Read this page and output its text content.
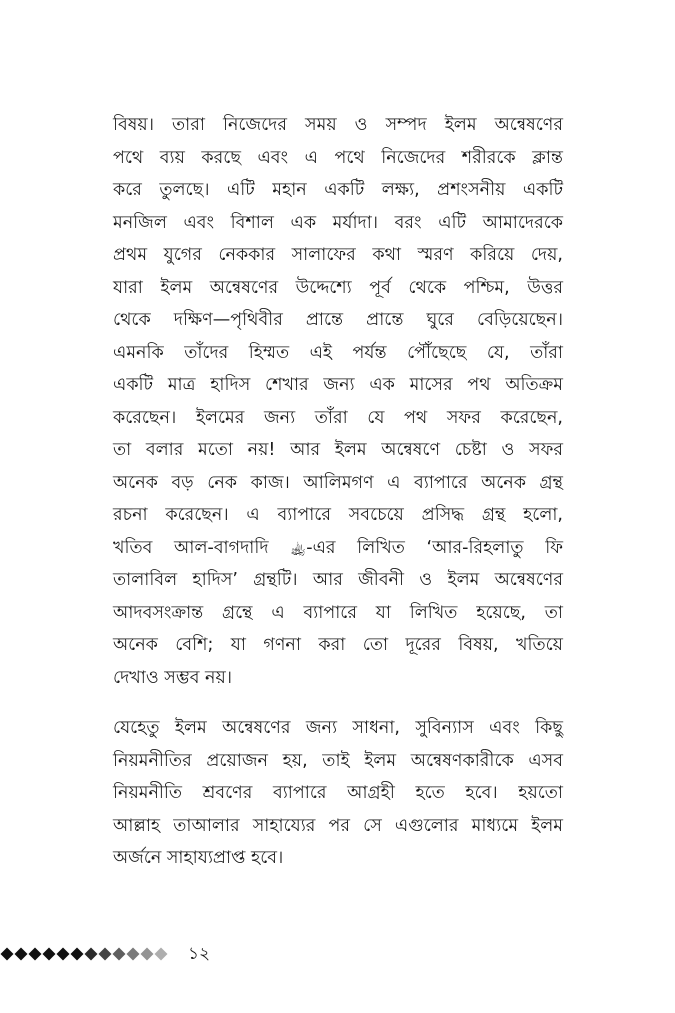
বিষয়। তারা নিজেদের সময় ও সম্পদ ইলম অন্বেষণের
পথে ব্যয় করছে এবং এ পথে নিজেদের শরীরকে ক্লান্ত
করে তুলছে। এটি মহান একটি লক্ষ্য, প্রশংসনীয় একটি
মনজিল এবং বিশাল এক মর্যাদা। বরং এটি আমাদেরকে
প্রথম যুগের নেককার সালাফের কথা স্মরণ করিয়ে দেয়,
যারা ইলম অন্বেষণের উদ্দেশ্যে পূর্ব থেকে পশ্চিম, উত্তর
থেকে দক্ষিণ—পৃথিবীর প্রান্তে প্রান্তে ঘুরে বেড়িয়েছেন।
এমনকি তাঁদের হিম্মত এই পর্যন্ত পৌঁছেছে যে, তাঁরা
একটি মাত্র হাদিস শেখার জন্য এক মাসের পথ অতিক্রম
করেছেন। ইলমের জন্য তাঁরা যে পথ সফর করেছেন,
তা বলার মতো নয়! আর ইলম অন্বেষণে চেষ্টা ও সফর
অনেক বড় নেক কাজ। আলিমগণ এ ব্যাপারে অনেক গ্রন্থ
রচনা করেছেন। এ ব্যাপারে সবচেয়ে প্রসিদ্ধ গ্রন্থ হলো,
খতিব আল-বাগদাদি ﵀-এর লিখিত ‘আর-রিহলাতু ফি
তালাবিল হাদিস’ গ্রন্থটি। আর জীবনী ও ইলম অন্বেষণের
আদবসংক্রান্ত গ্রন্থে এ ব্যাপারে যা লিখিত হয়েছে, তা
অনেক বেশি; যা গণনা করা তো দূরের বিষয়, খতিয়ে
দেখাও সম্ভব নয়।
যেহেতু ইলম অন্বেষণের জন্য সাধনা, সুবিন্যাস এবং কিছু
নিয়মনীতির প্রয়োজন হয়, তাই ইলম অন্বেষণকারীকে এসব
নিয়মনীতি শ্রবণের ব্যাপারে আগ্রহী হতে হবে। হয়তো
আল্লাহ তাআলার সাহায্যের পর সে এগুলোর মাধ্যমে ইলম
অর্জনে সাহায্যপ্রাপ্ত হবে।
১২
